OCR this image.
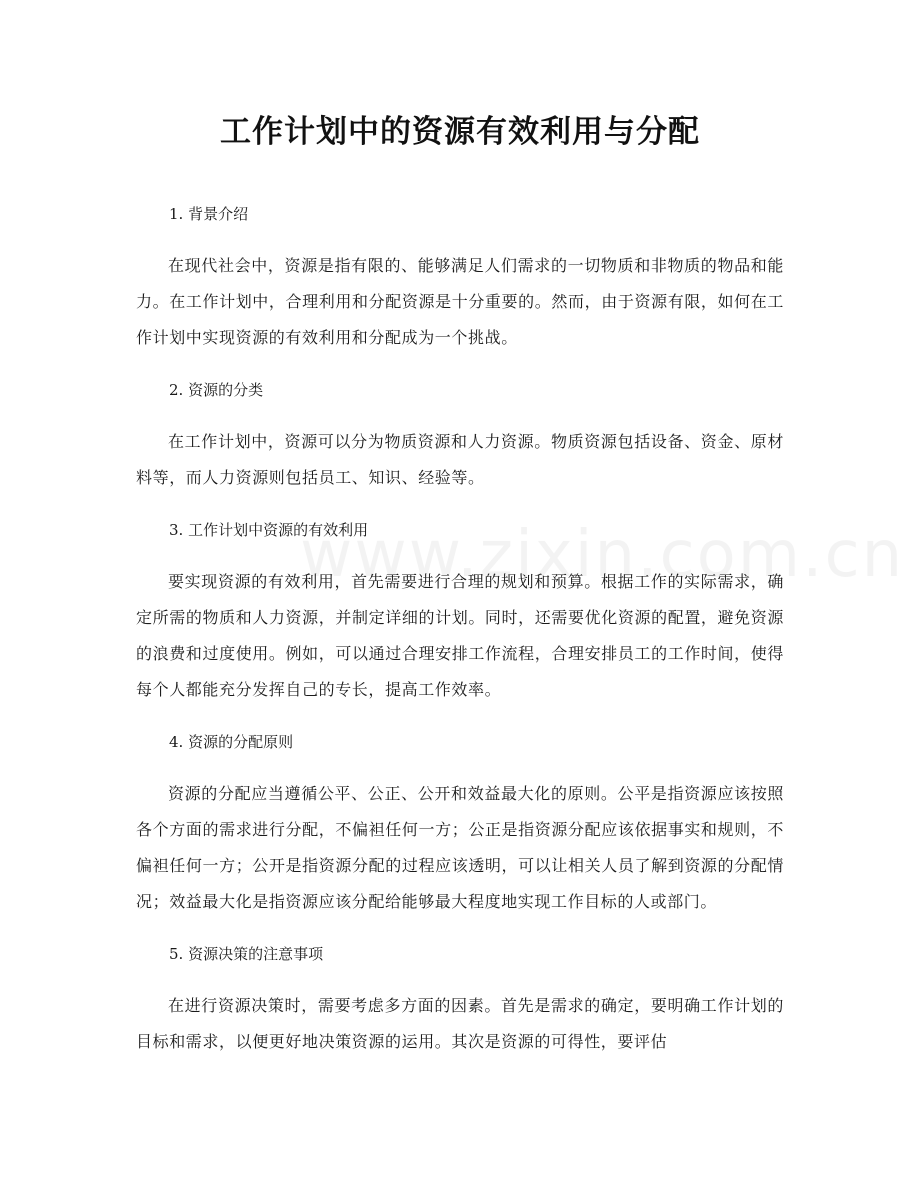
工作计划中的资源有效利用与分配

1. 背景介绍

在现代社会中，资源是指有限的、能够满足人们需求的一切物质和非物质的物品和能力。在工作计划中，合理利用和分配资源是十分重要的。然而，由于资源有限，如何在工作计划中实现资源的有效利用和分配成为一个挑战。

2. 资源的分类

在工作计划中，资源可以分为物质资源和人力资源。物质资源包括设备、资金、原材料等，而人力资源则包括员工、知识、经验等。

3. 工作计划中资源的有效利用

要实现资源的有效利用，首先需要进行合理的规划和预算。根据工作的实际需求，确定所需的物质和人力资源，并制定详细的计划。同时，还需要优化资源的配置，避免资源的浪费和过度使用。例如，可以通过合理安排工作流程，合理安排员工的工作时间，使得每个人都能充分发挥自己的专长，提高工作效率。

4. 资源的分配原则

资源的分配应当遵循公平、公正、公开和效益最大化的原则。公平是指资源应该按照各个方面的需求进行分配，不偏袒任何一方；公正是指资源分配应该依据事实和规则，不偏袒任何一方；公开是指资源分配的过程应该透明，可以让相关人员了解到资源的分配情况；效益最大化是指资源应该分配给能够最大程度地实现工作目标的人或部门。

5. 资源决策的注意事项

在进行资源决策时，需要考虑多方面的因素。首先是需求的确定，要明确工作计划的目标和需求，以便更好地决策资源的运用。其次是资源的可得性，要评估
